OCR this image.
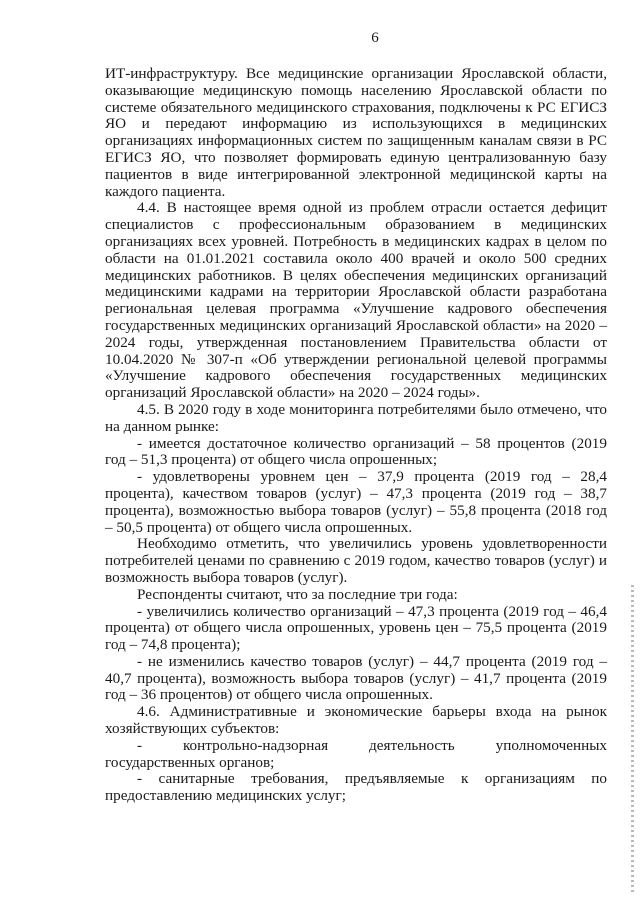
6

ИТ-инфраструктуру. Все медицинские организации Ярославской области, оказывающие медицинскую помощь населению Ярославской области по системе обязательного медицинского страхования, подключены к РС ЕГИСЗ ЯО и передают информацию из использующихся в медицинских организациях информационных систем по защищенным каналам связи в РС ЕГИСЗ ЯО, что позволяет формировать единую централизованную базу пациентов в виде интегрированной электронной медицинской карты на каждого пациента.

4.4. В настоящее время одной из проблем отрасли остается дефицит специалистов с профессиональным образованием в медицинских организациях всех уровней. Потребность в медицинских кадрах в целом по области на 01.01.2021 составила около 400 врачей и около 500 средних медицинских работников. В целях обеспечения медицинских организаций медицинскими кадрами на территории Ярославской области разработана региональная целевая программа «Улучшение кадрового обеспечения государственных медицинских организаций Ярославской области» на 2020 – 2024 годы, утвержденная постановлением Правительства области от 10.04.2020 № 307-п «Об утверждении региональной целевой программы «Улучшение кадрового обеспечения государственных медицинских организаций Ярославской области» на 2020 – 2024 годы».

4.5. В 2020 году в ходе мониторинга потребителями было отмечено, что на данном рынке:

- имеется достаточное количество организаций – 58 процентов (2019 год – 51,3 процента) от общего числа опрошенных;

- удовлетворены уровнем цен – 37,9 процента (2019 год – 28,4 процента), качеством товаров (услуг) – 47,3 процента (2019 год – 38,7 процента), возможностью выбора товаров (услуг) – 55,8 процента (2018 год – 50,5 процента) от общего числа опрошенных.

Необходимо отметить, что увеличились уровень удовлетворенности потребителей ценами по сравнению с 2019 годом, качество товаров (услуг) и возможность выбора товаров (услуг).

Респонденты считают, что за последние три года:

- увеличились количество организаций – 47,3 процента (2019 год – 46,4 процента) от общего числа опрошенных, уровень цен – 75,5 процента (2019 год – 74,8 процента);

- не изменились качество товаров (услуг) – 44,7 процента (2019 год – 40,7 процента), возможность выбора товаров (услуг) – 41,7 процента (2019 год – 36 процентов) от общего числа опрошенных.

4.6. Административные и экономические барьеры входа на рынок хозяйствующих субъектов:

- контрольно-надзорная деятельность уполномоченных государственных органов;

- санитарные требования, предъявляемые к организациям по предоставлению медицинских услуг;
